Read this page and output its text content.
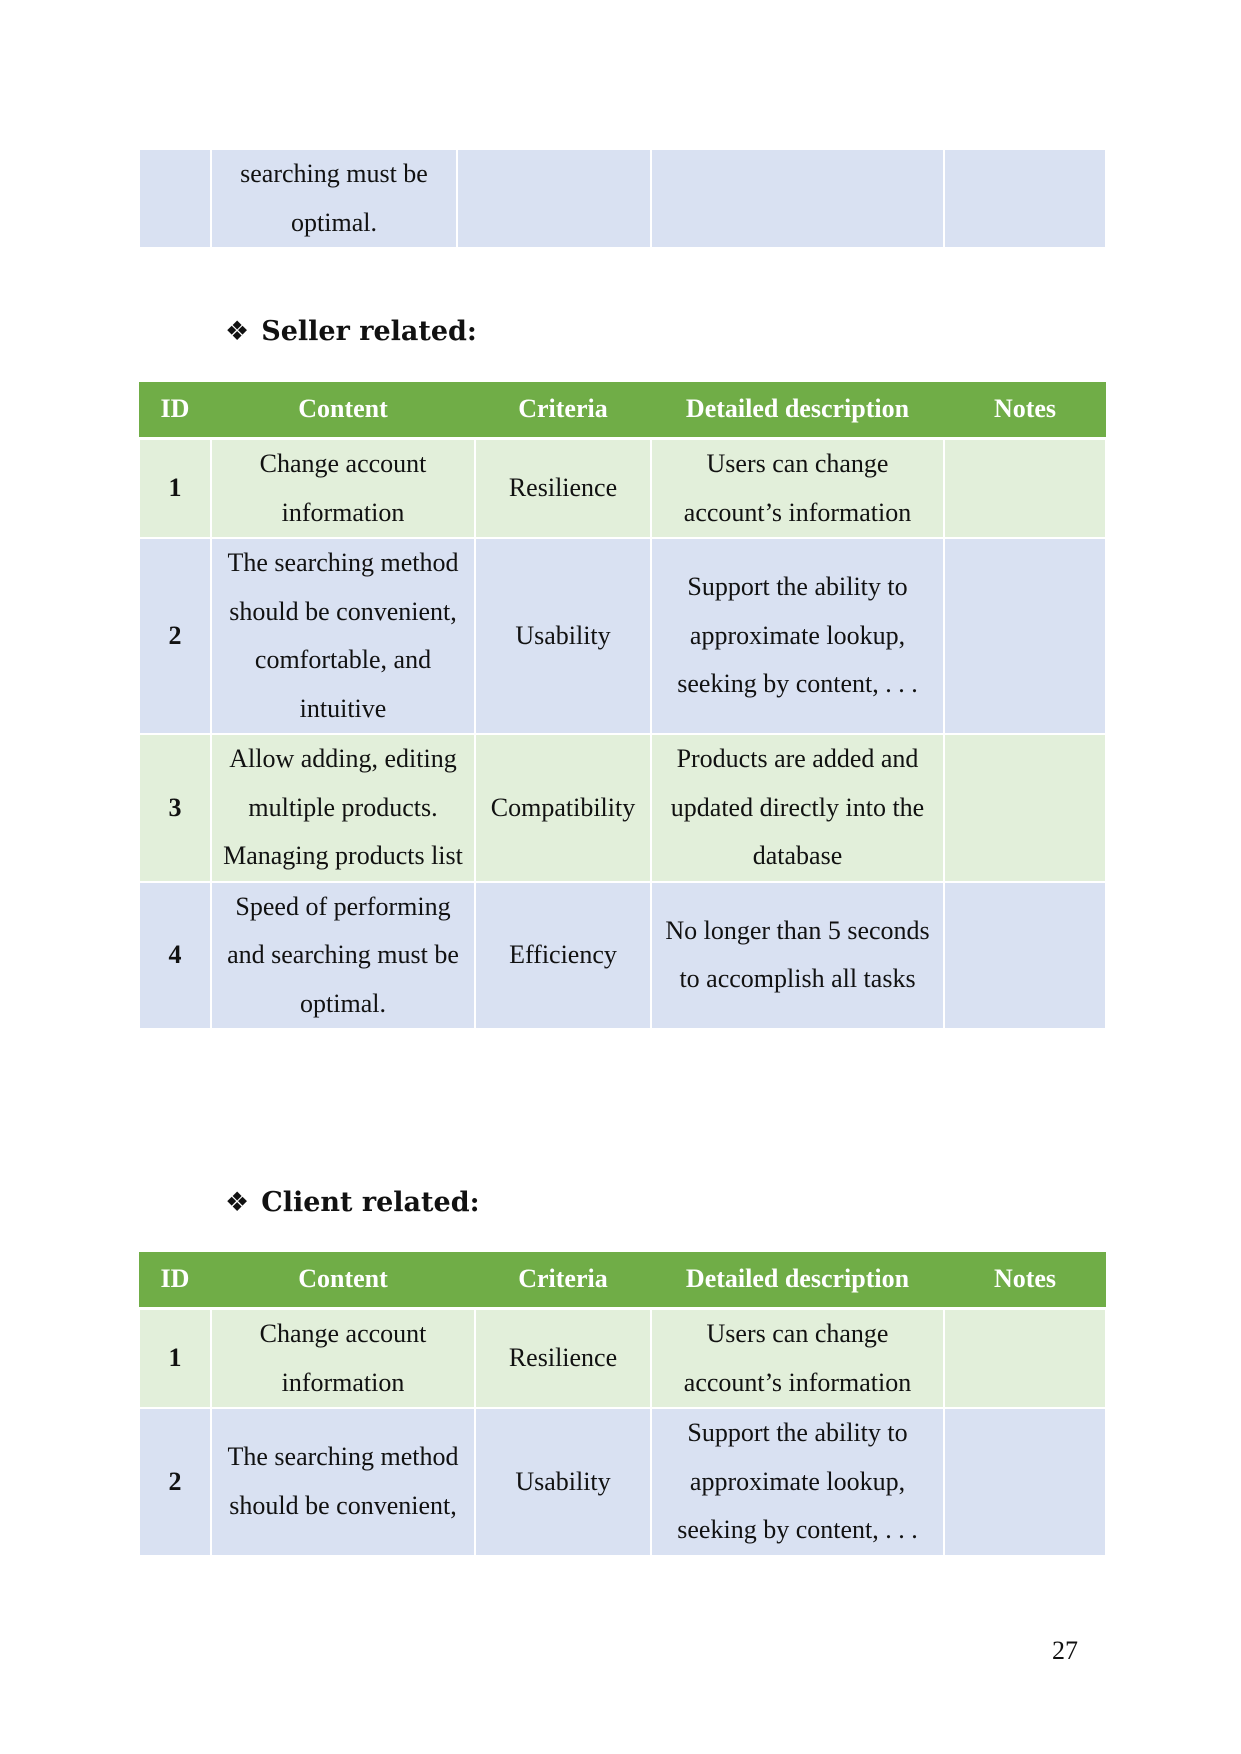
	searching must be optimal.			
❖ Seller related:
ID	Content	Criteria	Detailed description	Notes
1	Change account information	Resilience	Users can change account’s information	
2	The searching method should be convenient, comfortable, and intuitive	Usability	Support the ability to approximate lookup, seeking by content, . . .	
3	Allow adding, editing multiple products. Managing products list	Compatibility	Products are added and updated directly into the database	
4	Speed of performing and searching must be optimal.	Efficiency	No longer than 5 seconds to accomplish all tasks	
❖ Client related:
ID	Content	Criteria	Detailed description	Notes
1	Change account information	Resilience	Users can change account’s information	
2	The searching method should be convenient,	Usability	Support the ability to approximate lookup, seeking by content, . . .	
27
